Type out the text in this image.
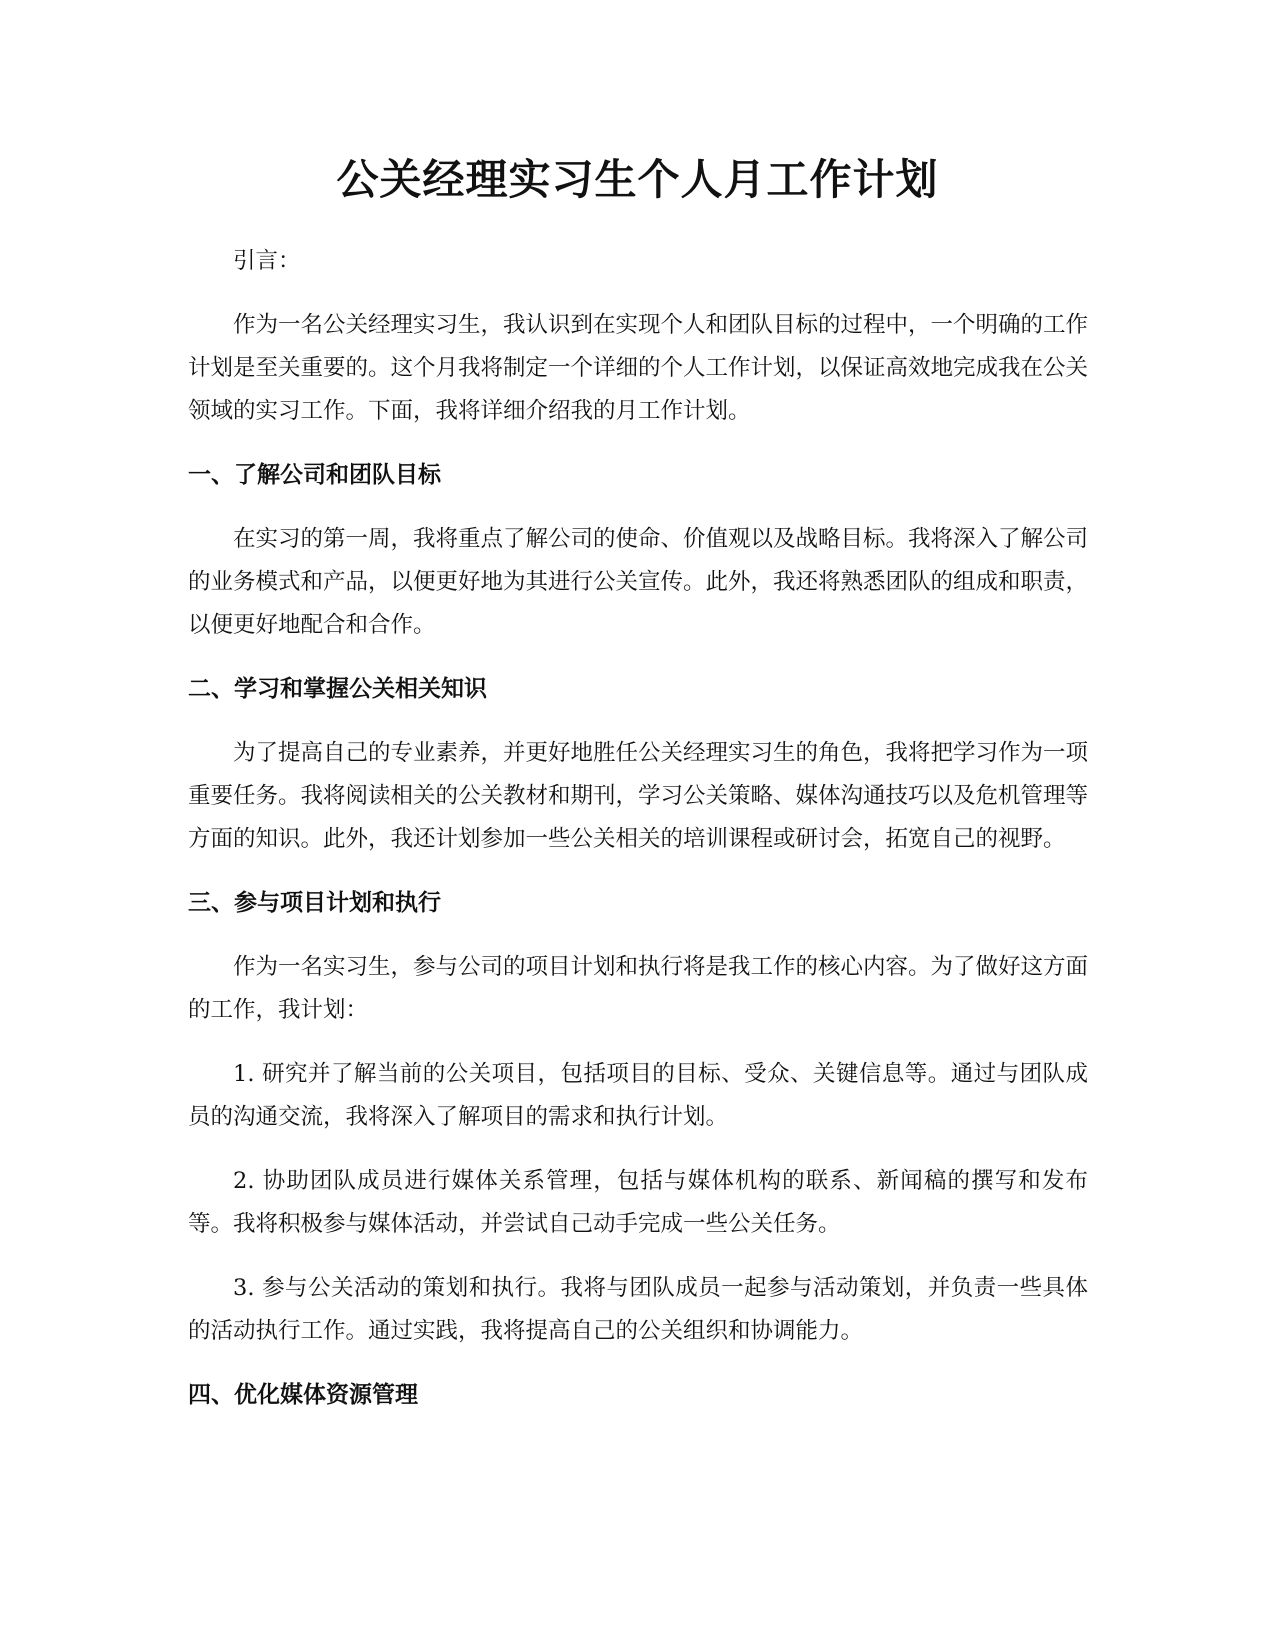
公关经理实习生个人月工作计划

引言：

作为一名公关经理实习生，我认识到在实现个人和团队目标的过程中，一个明确的工作计划是至关重要的。这个月我将制定一个详细的个人工作计划，以保证高效地完成我在公关领域的实习工作。下面，我将详细介绍我的月工作计划。

一、了解公司和团队目标

在实习的第一周，我将重点了解公司的使命、价值观以及战略目标。我将深入了解公司的业务模式和产品，以便更好地为其进行公关宣传。此外，我还将熟悉团队的组成和职责，以便更好地配合和合作。

二、学习和掌握公关相关知识

为了提高自己的专业素养，并更好地胜任公关经理实习生的角色，我将把学习作为一项重要任务。我将阅读相关的公关教材和期刊，学习公关策略、媒体沟通技巧以及危机管理等方面的知识。此外，我还计划参加一些公关相关的培训课程或研讨会，拓宽自己的视野。

三、参与项目计划和执行

作为一名实习生，参与公司的项目计划和执行将是我工作的核心内容。为了做好这方面的工作，我计划：

1. 研究并了解当前的公关项目，包括项目的目标、受众、关键信息等。通过与团队成员的沟通交流，我将深入了解项目的需求和执行计划。

2. 协助团队成员进行媒体关系管理，包括与媒体机构的联系、新闻稿的撰写和发布等。我将积极参与媒体活动，并尝试自己动手完成一些公关任务。

3. 参与公关活动的策划和执行。我将与团队成员一起参与活动策划，并负责一些具体的活动执行工作。通过实践，我将提高自己的公关组织和协调能力。

四、优化媒体资源管理
